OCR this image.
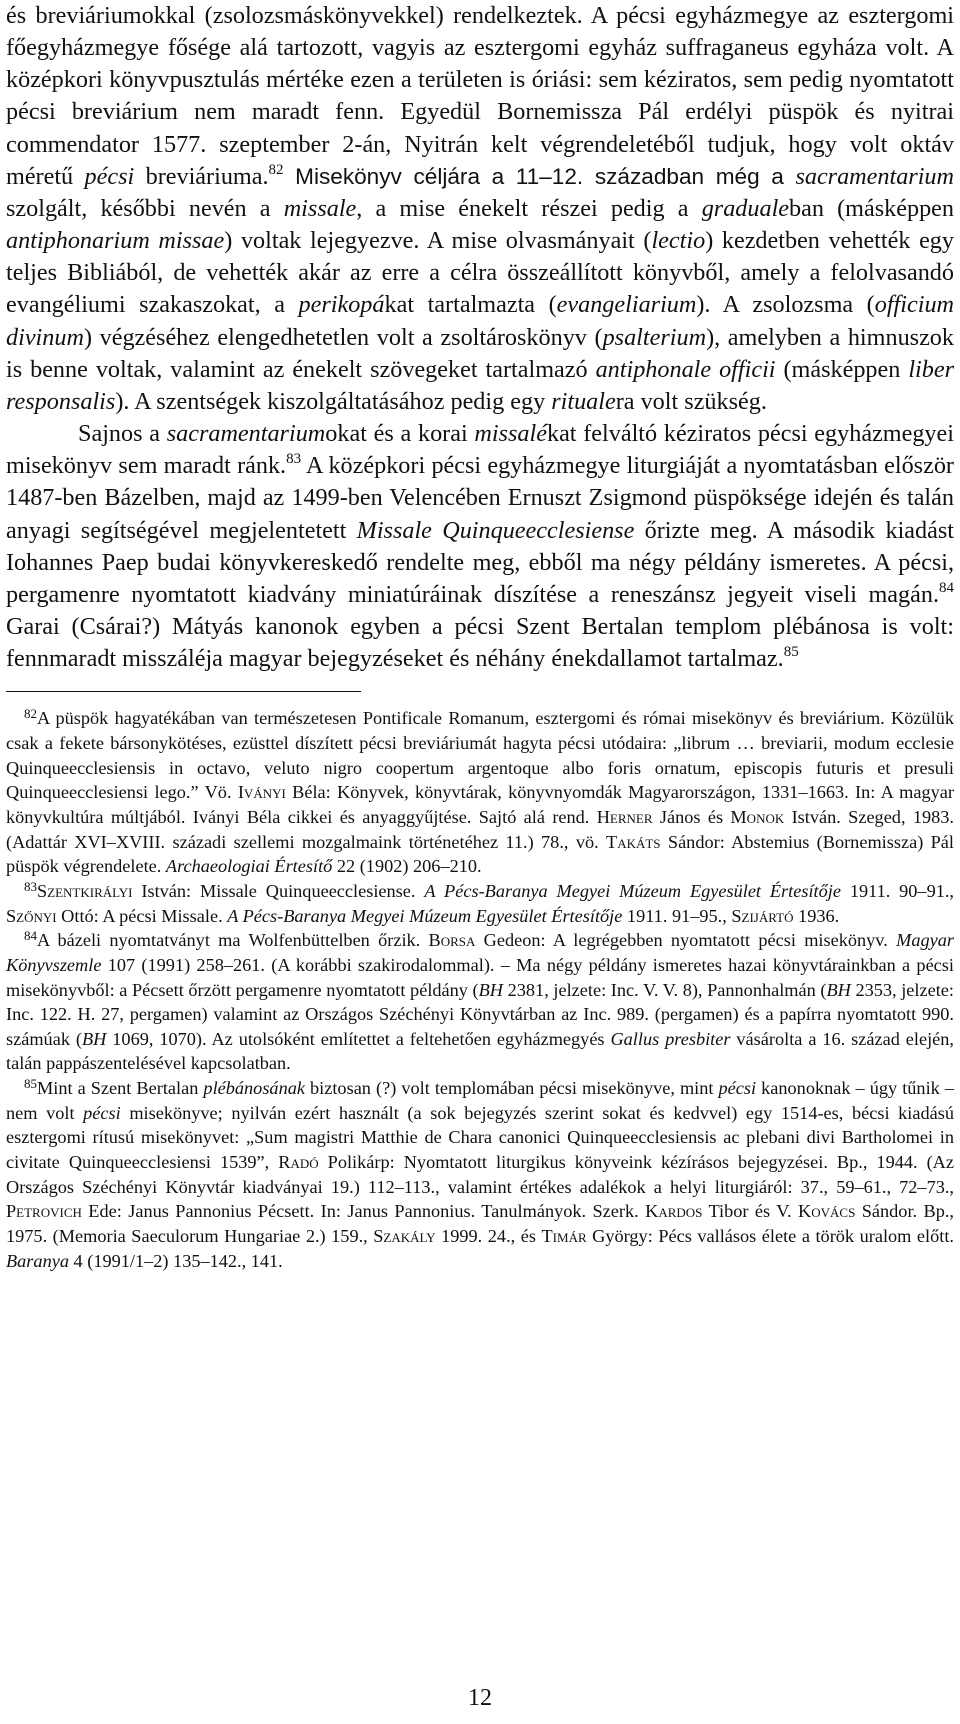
és breviáriumokkal (zsolozsmáskönyvekkel) rendelkeztek. A pécsi egyházmegye az esztergomi főegyházmegye fősége alá tartozott, vagyis az esztergomi egyház suffraganeus egyháza volt. A középkori könyvpusztulás mértéke ezen a területen is óriási: sem kéziratos, sem pedig nyomtatott pécsi breviárium nem maradt fenn. Egyedül Bornemissza Pál erdélyi püspök és nyitrai commendator 1577. szeptember 2-án, Nyitrán kelt végrendeletéből tudjuk, hogy volt oktáv méretű pécsi breviáriuma.$^{82}$ Misekönyv céljára a 11–12. században még a sacramentarium szolgált, későbbi nevén a missale, a mise énekelt részei pedig a gradualeban (másképpen antiphonarium missae) voltak lejegyezve. A mise olvasmányait (lectio) kezdetben vehették egy teljes Bibliából, de vehették akár az erre a célra összeállított könyvből, amely a felolvasandó evangéliumi szakaszokat, a perikopákat tartalmazta (evangeliarium). A zsolozsma (officium divinum) végzéséhez elengedhetetlen volt a zsoltároskönyv (psalterium), amelyben a himnuszok is benne voltak, valamint az énekelt szövegeket tartalmazó antiphonale officii (másképpen liber responsalis). A szentségek kiszolgáltatásához pedig egy ritualera volt szükség.

Sajnos a sacramentariumokat és a korai missalékat felváltó kéziratos pécsi egyházmegyei misekönyv sem maradt ránk.$^{83}$ A középkori pécsi egyházmegye liturgiáját a nyomtatásban először 1487-ben Bázelben, majd az 1499-ben Velencében Ernuszt Zsigmond püspöksége idején és talán anyagi segítségével megjelentetett Missale Quinqueecclesiense őrizte meg. A második kiadást Iohannes Paep budai könyvkereskedő rendelte meg, ebből ma négy példány ismeretes. A pécsi, pergamenre nyomtatott kiadvány miniatúráinak díszítése a reneszánsz jegyeit viseli magán.$^{84}$ Garai (Csárai?) Mátyás kanonok egyben a pécsi Szent Bertalan templom plébánosa is volt: fennmaradt misszáléja magyar bejegyzéseket és néhány énekdallamot tartalmaz.$^{85}$

$^{82}$A püspök hagyatékában van természetesen Pontificale Romanum, esztergomi és római misekönyv és breviárium. Közülük csak a fekete bársonykötéses, ezüsttel díszített pécsi breviáriumát hagyta pécsi utódaira: „librum … breviarii, modum ecclesie Quinqueecclesiensis in octavo, veluto nigro coopertum argentoque albo foris ornatum, episcopis futuris et presuli Quinqueecclesiensi lego.” Vö. Iványi Béla: Könyvek, könyvtárak, könyvnyomdák Magyarországon, 1331–1663. In: A magyar könyvkultúra múltjából. Iványi Béla cikkei és anyaggyűjtése. Sajtó alá rend. Herner János és Monok István. Szeged, 1983. (Adattár XVI–XVIII. századi szellemi mozgalmaink történetéhez 11.) 78., vö. Takáts Sándor: Abstemius (Bornemissza) Pál püspök végrendelete. Archaeologiai Értesítő 22 (1902) 206–210.

$^{83}$Szentkirályi István: Missale Quinqueecclesiense. A Pécs-Baranya Megyei Múzeum Egyesület Értesítője 1911. 90–91., Szőnyi Ottó: A pécsi Missale. A Pécs-Baranya Megyei Múzeum Egyesület Értesítője 1911. 91–95., Szijártó 1936.

$^{84}$A bázeli nyomtatványt ma Wolfenbüttelben őrzik. Borsa Gedeon: A legrégebben nyomtatott pécsi misekönyv. Magyar Könyvszemle 107 (1991) 258–261. (A korábbi szakirodalommal). – Ma négy példány ismeretes hazai könyvtárainkban a pécsi misekönyvből: a Pécsett őrzött pergamenre nyomtatott példány (BH 2381, jelzete: Inc. V. V. 8), Pannonhalmán (BH 2353, jelzete: Inc. 122. H. 27, pergamen) valamint az Országos Széchényi Könyvtárban az Inc. 989. (pergamen) és a papírra nyomtatott 990. számúak (BH 1069, 1070). Az utolsóként említettet a feltehetően egyházmegyés Gallus presbiter vásárolta a 16. század elején, talán pappászentelésével kapcsolatban.

$^{85}$Mint a Szent Bertalan plébánosának biztosan (?) volt templomában pécsi misekönyve, mint pécsi kanonoknak – úgy tűnik – nem volt pécsi misekönyve; nyilván ezért használt (a sok bejegyzés szerint sokat és kedvvel) egy 1514-es, bécsi kiadású esztergomi rítusú misekönyvet: „Sum magistri Matthie de Chara canonici Quinqueecclesiensis ac plebani divi Bartholomei in civitate Quinqueecclesiensi 1539”, Radó Polikárp: Nyomtatott liturgikus könyveink kézírásos bejegyzései. Bp., 1944. (Az Országos Széchényi Könyvtár kiadványai 19.) 112–113., valamint értékes adalékok a helyi liturgiáról: 37., 59–61., 72–73., Petrovich Ede: Janus Pannonius Pécsett. In: Janus Pannonius. Tanulmányok. Szerk. Kardos Tibor és V. Kovács Sándor. Bp., 1975. (Memoria Saeculorum Hungariae 2.) 159., Szakály 1999. 24., és Timár György: Pécs vallásos élete a török uralom előtt. Baranya 4 (1991/1–2) 135–142., 141.

12
